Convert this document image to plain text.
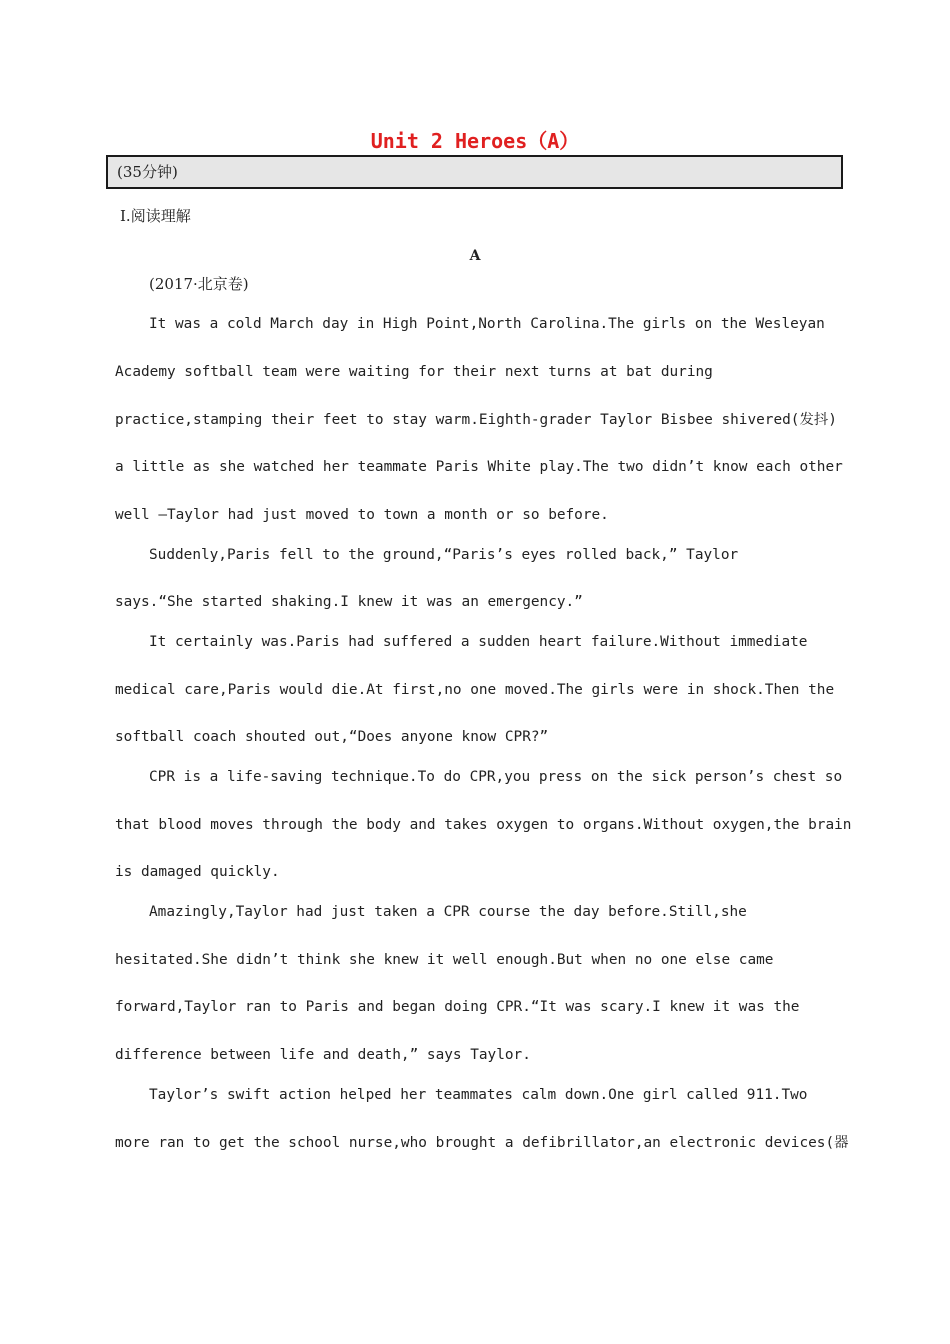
Unit 2 Heroes（A）
(35分钟)
Ⅰ.阅读理解
A
(2017·北京卷)
It was a cold March day in High Point,North Carolina.The girls on the Wesleyan
Academy softball team were waiting for their next turns at bat during
practice,stamping their feet to stay warm.Eighth-grader Taylor Bisbee shivered(发抖)
a little as she watched her teammate Paris White play.The two didn’t know each other
well —Taylor had just moved to town a month or so before.
Suddenly,Paris fell to the ground,“Paris’s eyes rolled back,” Taylor
says.“She started shaking.I knew it was an emergency.”
It certainly was.Paris had suffered a sudden heart failure.Without immediate
medical care,Paris would die.At first,no one moved.The girls were in shock.Then the
softball coach shouted out,“Does anyone know CPR?”
CPR is a life-saving technique.To do CPR,you press on the sick person’s chest so
that blood moves through the body and takes oxygen to organs.Without oxygen,the brain
is damaged quickly.
Amazingly,Taylor had just taken a CPR course the day before.Still,she
hesitated.She didn’t think she knew it well enough.But when no one else came
forward,Taylor ran to Paris and began doing CPR.“It was scary.I knew it was the
difference between life and death,” says Taylor.
Taylor’s swift action helped her teammates calm down.One girl called 911.Two
more ran to get the school nurse,who brought a defibrillator,an electronic devices(器
